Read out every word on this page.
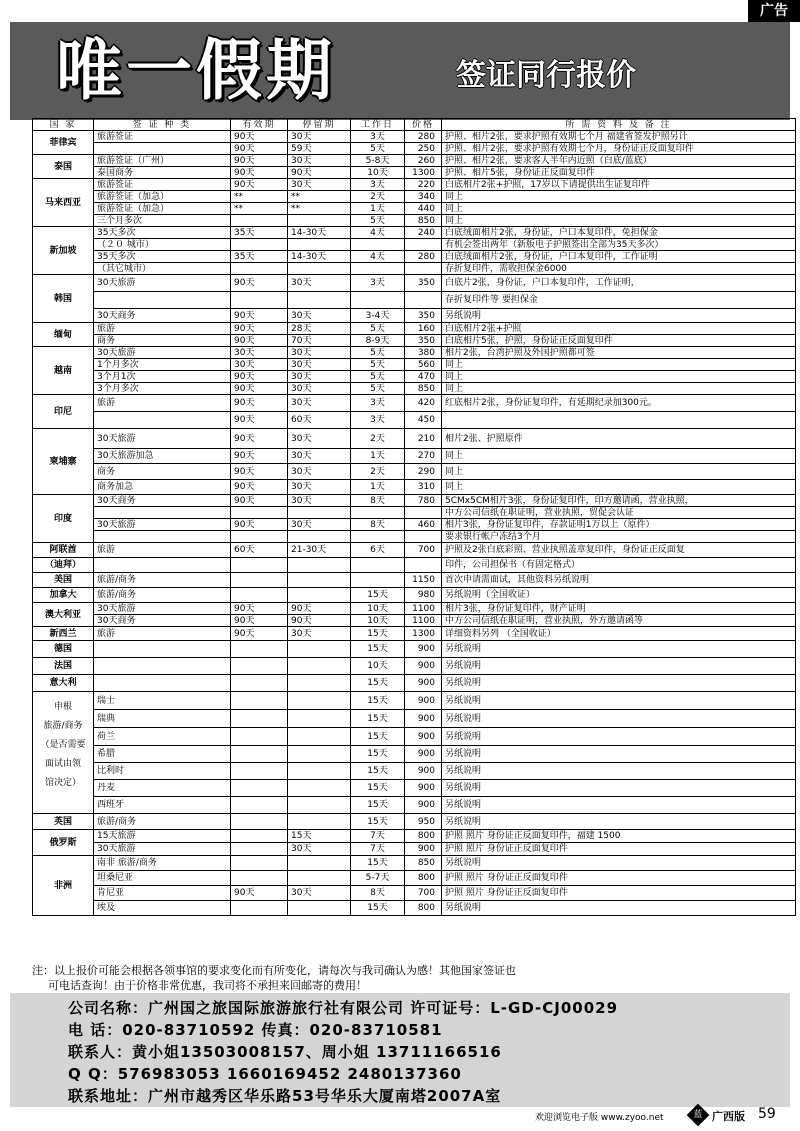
广告
唯一假期	签证同行报价
国 家	签 证 种 类	有效期	停留期	工作日	价格	所 需 资 料 及 备 注
菲律宾	旅游签证	90天	30天	3天	280	护照、相片2张，要求护照有效期七个月 福建省签发护照另计
		90天	59天	5天	250	护照、相片2张，要求护照有效期七个月，身份证正反面复印件
泰国	旅游签证（广州）	90天	30天	5-8天	260	护照、相片2张，要求客人半年内近照（白底/蓝底）
	泰国商务	90天	90天	10天	1300	护照、相片5张，身份证正反面复印件
马来西亚	旅游签证	90天	30天	3天	220	白底相片2张+护照，17岁以下请提供出生证复印件
	旅游签证（加急）	**	**	2天	340	同上
	旅游签证（加急）	**	**	1天	440	同上
	三个月多次			5天	850	同上
新加坡	35天多次	35天	14-30天	4天	240	白底绒面相片2张，身份证，户口本复印件，免担保金
	（２０ 城市）					有机会签出两年（新版电子护照签出全部为35天多次）
	35天多次	35天	14-30天	4天	280	白底绒面相片2张，身份证，户口本复印件，工作证明
	（其它城市）					存折复印件，需收担保金6000
韩国	30天旅游	90天	30天	3天	350	白底片2张，身份证，户口本复印件，工作证明，
						存折复印件等 要担保金
	30天商务	90天	30天	3-4天	350	另纸说明
缅甸	旅游	90天	28天	5天	160	白底相片2张+护照
	商务	90天	70天	8-9天	350	白底相片5张，护照，身份证正反面复印件
越南	30天旅游	30天	30天	5天	380	相片2张，台湾护照及外国护照都可签
	1个月多次	30天	30天	5天	560	同上
	3个月1次	90天	30天	5天	470	同上
	3个月多次	90天	30天	5天	850	同上
印尼	旅游	90天	30天	3天	420	红底相片2张，身份证复印件，有延期纪录加300元。
		90天	60天	3天	450	
柬埔寨	30天旅游	90天	30天	2天	210	相片2张、护照原件
	30天旅游加急	90天	30天	1天	270	同上
	商务	90天	30天	2天	290	同上
	商务加急	90天	30天	1天	310	同上
印度	30天商务	90天	30天	8天	780	5CMx5CM相片3张，身份证复印件，印方邀请函，营业执照，
						中方公司信纸在职证明，营业执照，贸促会认证
	30天旅游	90天	30天	8天	460	相片3张，身份证复印件，存款证明1万以上（原件）
						要求银行帐户冻结3个月
阿联酋	旅游	60天	21-30天	6天	700	护照及2张白底彩照、营业执照盖章复印件，身份证正反面复
（迪拜）						印件，公司担保书（有固定格式）
美国	旅游/商务				1150	首次申请需面试，其他资料另纸说明
加拿大	旅游/商务			15天	980	另纸说明（全国收证）
澳大利亚	30天旅游	90天	90天	10天	1100	相片3张，身份证复印件，财产证明
	30天商务	90天	90天	10天	1100	中方公司信纸在职证明，营业执照，外方邀请函等
新西兰	旅游	90天	30天	15天	1300	详细资料另列 （全国收证）
德国				15天	900	另纸说明
法国				10天	900	另纸说明
意大利				15天	900	另纸说明

申根
旅游/商务
（是否需要
面试由领
馆决定）	瑞士			15天	900	另纸说明
	瑞典			15天	900	另纸说明
	荷兰			15天	900	另纸说明
	希腊			15天	900	另纸说明
	比利时			15天	900	另纸说明
	丹麦			15天	900	另纸说明
	西班牙			15天	900	另纸说明
英国	旅游/商务			15天	950	另纸说明
俄罗斯	15天旅游		15天	7天	800	护照 照片 身份证正反面复印件，福建 1500
	30天旅游		30天	7天	900	护照 照片 身份证正反面复印件
非洲	南非 旅游/商务			15天	850	另纸说明
	坦桑尼亚			5-7天	800	护照 照片 身份证正反面复印件
	肯尼亚	90天	30天	8天	700	护照 照片 身份证正反面复印件
	埃及			15天	800	另纸说明
注：以上报价可能会根据各领事馆的要求变化而有所变化，请每次与我司确认为感！其他国家签证也
可电话查询！由于价格非常优惠，我司将不承担来回邮寄的费用！
公司名称：广州国之旅国际旅游旅行社有限公司 许可证号：L-GD-CJ00029
电 话：020-83710592 传真：020-83710581
联系人：黄小姐13503008157、周小姐 13711166516
Q Q：576983053 1660169452 2480137360
联系地址：广州市越秀区华乐路53号华乐大厦南塔2007A室
欢迎浏览电子版 www.zyoo.net	蓝 广西版 59
